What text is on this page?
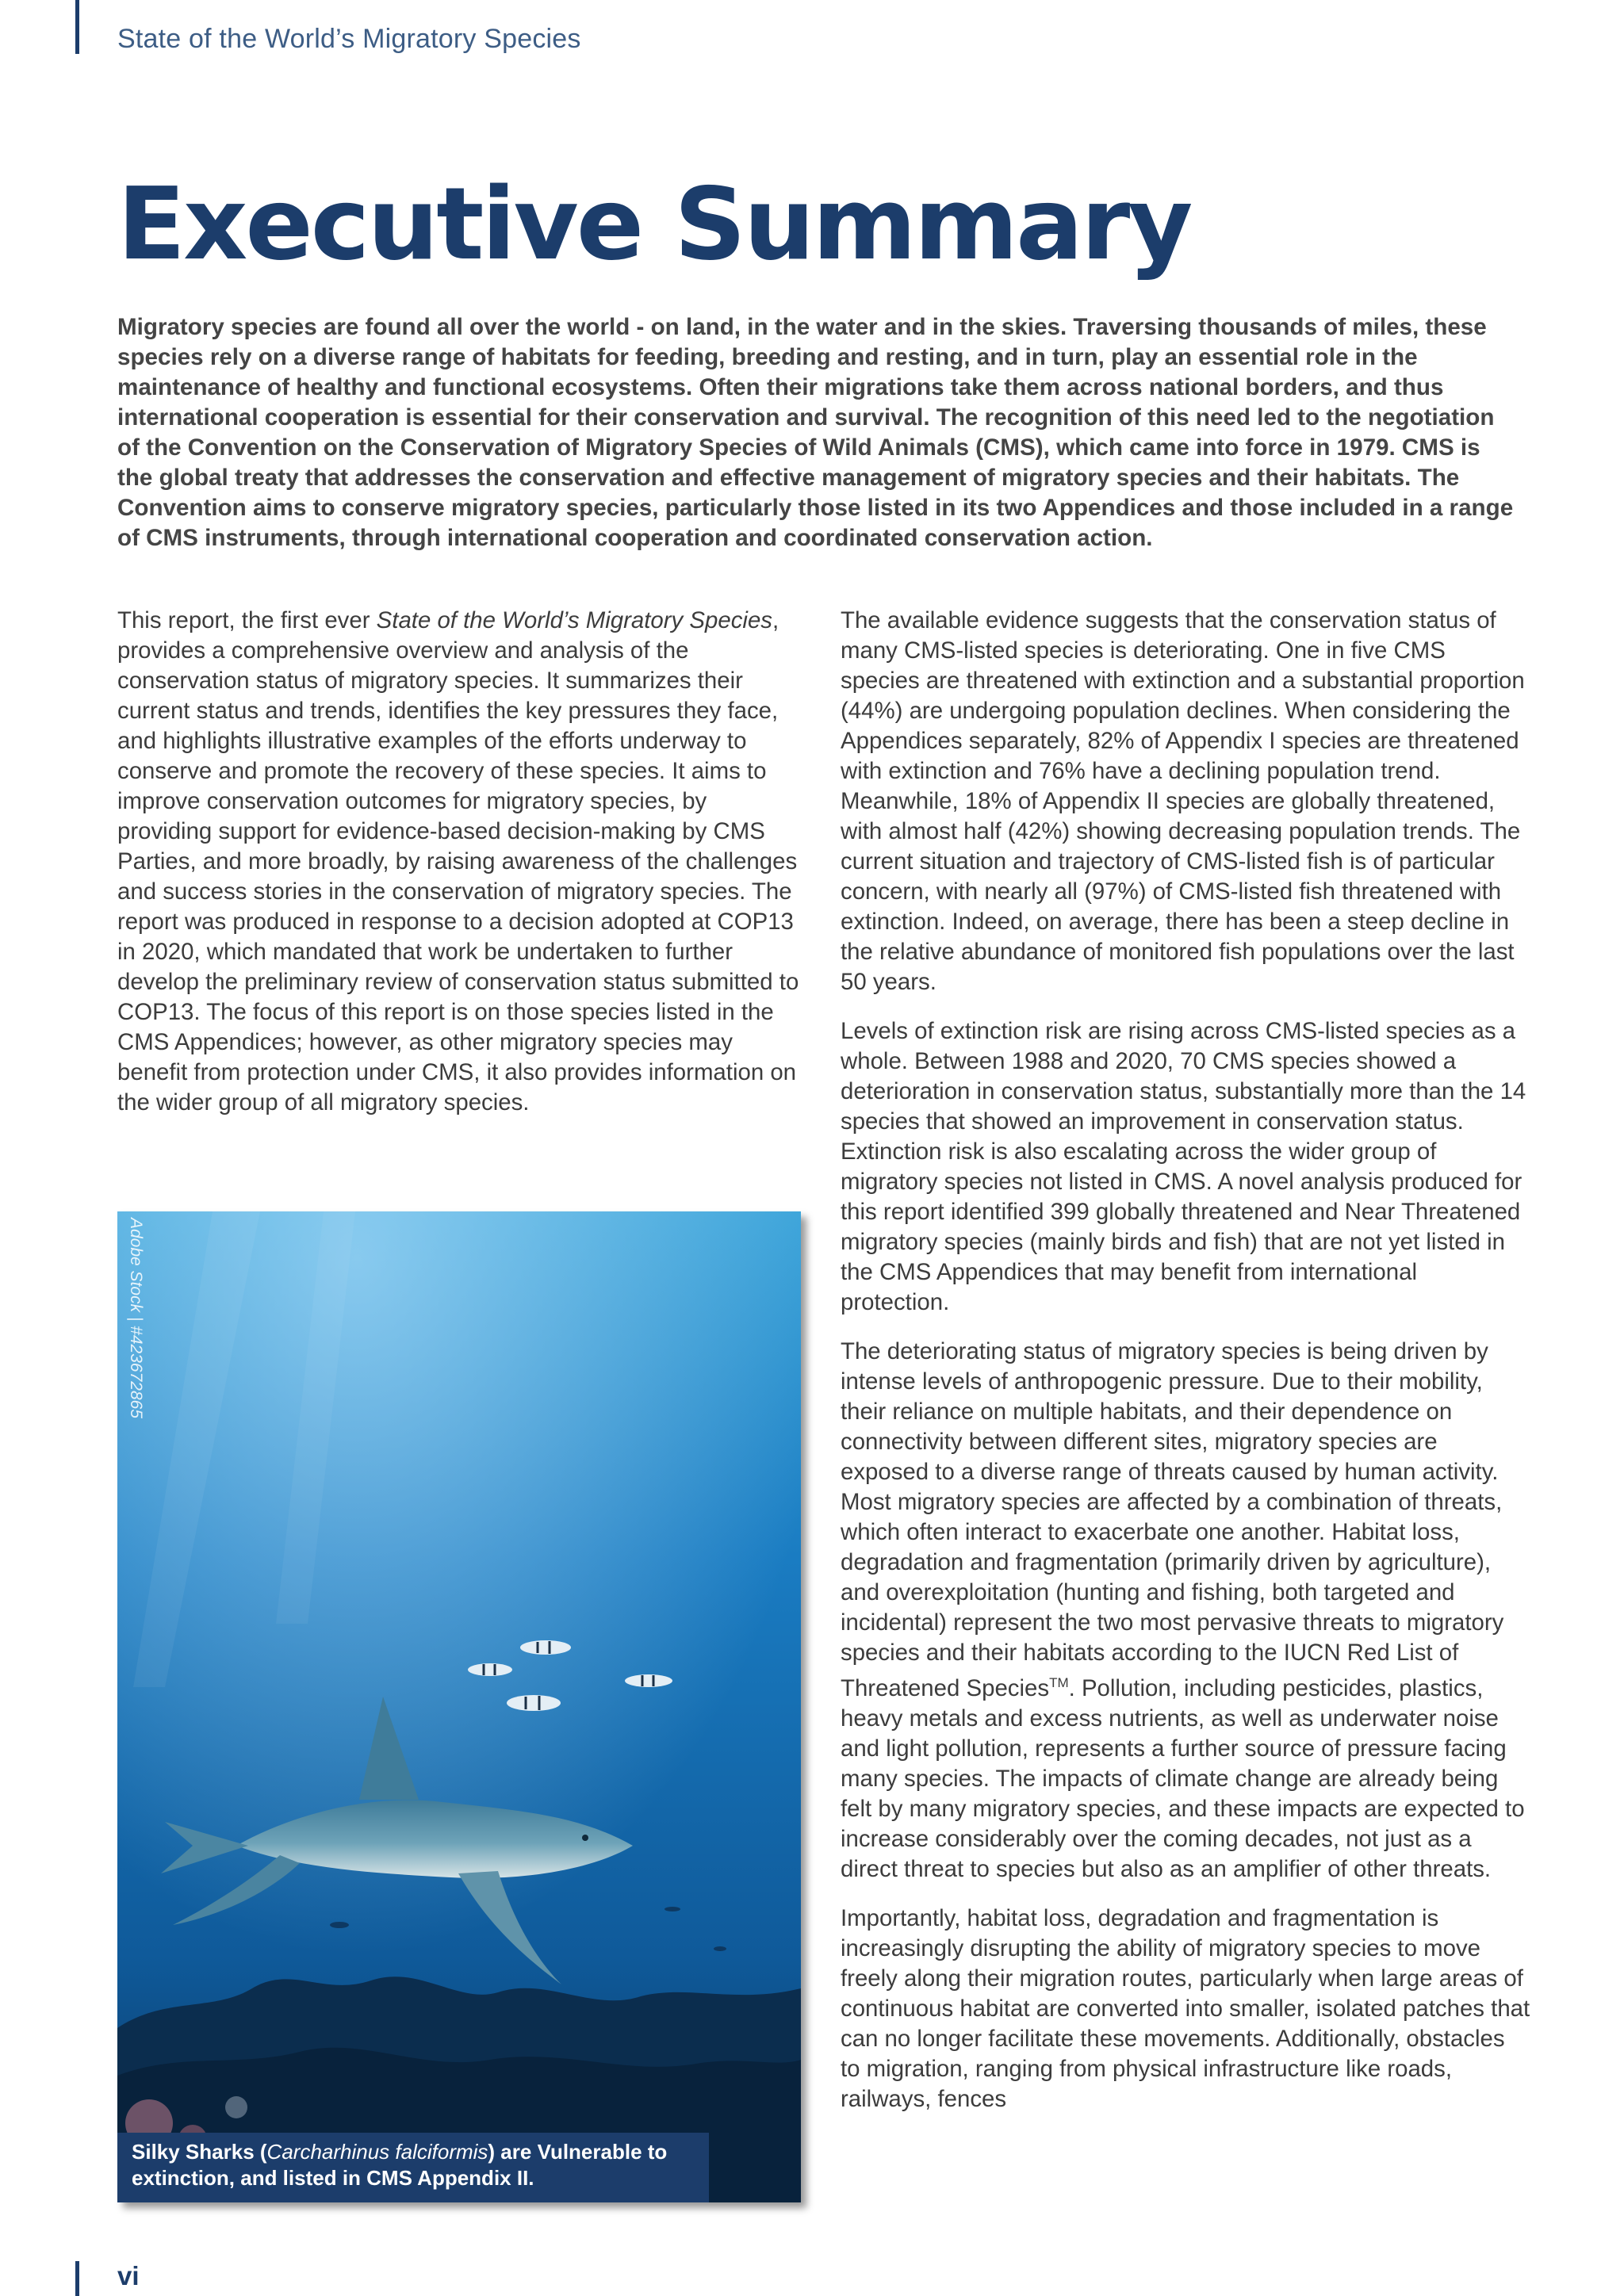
State of the World’s Migratory Species
Executive Summary

Migratory species are found all over the world - on land, in the water and in the skies. Traversing thousands of miles, these species rely on a diverse range of habitats for feeding, breeding and resting, and in turn, play an essential role in the maintenance of healthy and functional ecosystems. Often their migrations take them across national borders, and thus international cooperation is essential for their conservation and survival. The recognition of this need led to the negotiation of the Convention on the Conservation of Migratory Species of Wild Animals (CMS), which came into force in 1979. CMS is the global treaty that addresses the conservation and effective management of migratory species and their habitats. The Convention aims to conserve migratory species, particularly those listed in its two Appendices and those included in a range of CMS instruments, through international cooperation and coordinated conservation action.

This report, the first ever State of the World’s Migratory Species, provides a comprehensive overview and analysis of the conservation status of migratory species. It summarizes their current status and trends, identifies the key pressures they face, and highlights illustrative examples of the efforts underway to conserve and promote the recovery of these species. It aims to improve conservation outcomes for migratory species, by providing support for evidence-based decision-making by CMS Parties, and more broadly, by raising awareness of the challenges and success stories in the conservation of migratory species. The report was produced in response to a decision adopted at COP13 in 2020, which mandated that work be undertaken to further develop the preliminary review of conservation status submitted to COP13. The focus of this report is on those species listed in the CMS Appendices; however, as other migratory species may benefit from protection under CMS, it also provides information on the wider group of all migratory species.

The available evidence suggests that the conservation status of many CMS-listed species is deteriorating. One in five CMS species are threatened with extinction and a substantial proportion (44%) are undergoing population declines. When considering the Appendices separately, 82% of Appendix I species are threatened with extinction and 76% have a declining population trend. Meanwhile, 18% of Appendix II species are globally threatened, with almost half (42%) showing decreasing population trends. The current situation and trajectory of CMS-listed fish is of particular concern, with nearly all (97%) of CMS-listed fish threatened with extinction. Indeed, on average, there has been a steep decline in the relative abundance of monitored fish populations over the last 50 years.

Levels of extinction risk are rising across CMS-listed species as a whole. Between 1988 and 2020, 70 CMS species showed a deterioration in conservation status, substantially more than the 14 species that showed an improvement in conservation status. Extinction risk is also escalating across the wider group of migratory species not listed in CMS. A novel analysis produced for this report identified 399 globally threatened and Near Threatened migratory species (mainly birds and fish) that are not yet listed in the CMS Appendices that may benefit from international protection.

The deteriorating status of migratory species is being driven by intense levels of anthropogenic pressure. Due to their mobility, their reliance on multiple habitats, and their dependence on connectivity between different sites, migratory species are exposed to a diverse range of threats caused by human activity. Most migratory species are affected by a combination of threats, which often interact to exacerbate one another. Habitat loss, degradation and fragmentation (primarily driven by agriculture), and overexploitation (hunting and fishing, both targeted and incidental) represent the two most pervasive threats to migratory species and their habitats according to the IUCN Red List of Threatened Species™. Pollution, including pesticides, plastics, heavy metals and excess nutrients, as well as underwater noise and light pollution, represents a further source of pressure facing many species. The impacts of climate change are already being felt by many migratory species, and these impacts are expected to increase considerably over the coming decades, not just as a direct threat to species but also as an amplifier of other threats.

Importantly, habitat loss, degradation and fragmentation is increasingly disrupting the ability of migratory species to move freely along their migration routes, particularly when large areas of continuous habitat are converted into smaller, isolated patches that can no longer facilitate these movements. Additionally, obstacles to migration, ranging from physical infrastructure like roads, railways, fences

Adobe Stock | #423672865
Silky Sharks (Carcharhinus falciformis) are Vulnerable to extinction, and listed in CMS Appendix II.
vi
